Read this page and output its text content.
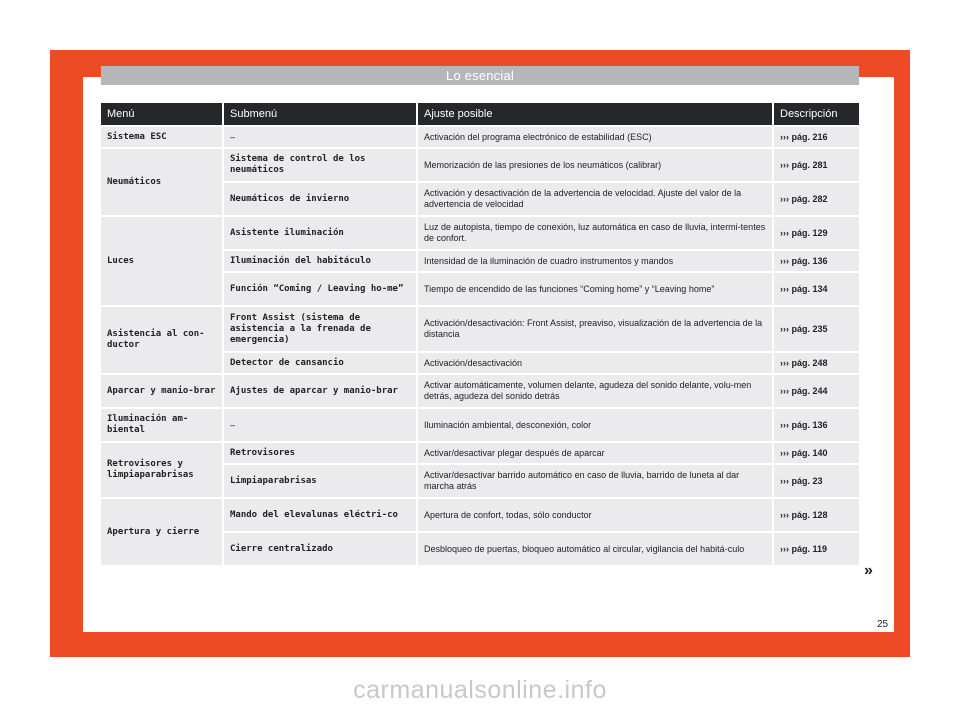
Lo esencial
Menú	Submenú	Ajuste posible	Descripción
Sistema ESC	–	Activación del programa electrónico de estabilidad (ESC)	››› pág. 216
Neumáticos	Sistema de control de los neumáticos	Memorización de las presiones de los neumáticos (calibrar)	››› pág. 281
	Neumáticos de invierno	Activación y desactivación de la advertencia de velocidad. Ajuste del valor de la advertencia de velocidad	››› pág. 282
Luces	Asistente iluminación	Luz de autopista, tiempo de conexión, luz automática en caso de lluvia, intermi-tentes de confort.	››› pág. 129
	Iluminación del habitáculo	Intensidad de la iluminación de cuadro instrumentos y mandos	››› pág. 136
	Función “Coming / Leaving ho-me”	Tiempo de encendido de las funciones “Coming home” y “Leaving home”	››› pág. 134
Asistencia al con-ductor	Front Assist (sistema de asistencia a la frenada de emergencia)	Activación/desactivación: Front Assist, preaviso, visualización de la advertencia de la distancia	››› pág. 235
	Detector de cansancio	Activación/desactivación	››› pág. 248
Aparcar y manio-brar	Ajustes de aparcar y manio-brar	Activar automáticamente, volumen delante, agudeza del sonido delante, volu-men detrás, agudeza del sonido detrás	››› pág. 244
Iluminación am-biental	–	Iluminación ambiental, desconexión, color	››› pág. 136
Retrovisores y limpiaparabrisas	Retrovisores	Activar/desactivar plegar después de aparcar	››› pág. 140
	Limpiaparabrisas	Activar/desactivar barrido automático en caso de lluvia, barrido de luneta al dar marcha atrás	››› pág. 23
Apertura y cierre	Mando del elevalunas eléctri-co	Apertura de confort, todas, sólo conductor	››› pág. 128
	Cierre centralizado	Desbloqueo de puertas, bloqueo automático al circular, vigilancia del habitá-culo	››› pág. 119
»
25
carmanualsonline.info
